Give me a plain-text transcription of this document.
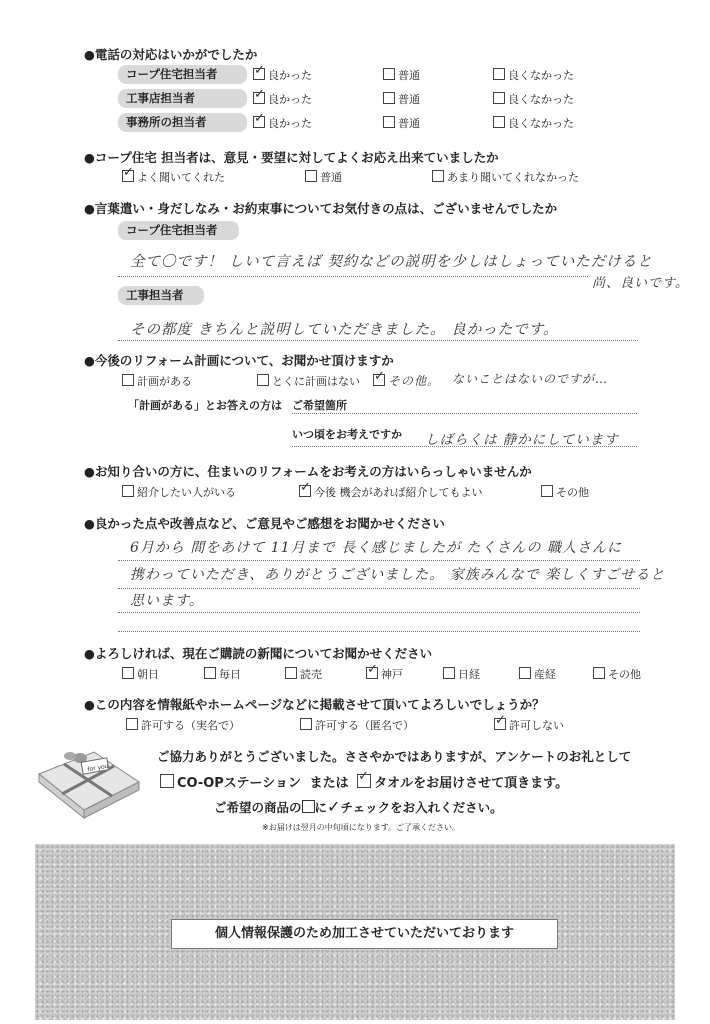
●電話の対応はいかがでしたか
コープ住宅担当者 ✓	良かった	普通	良くなかった
工事店担当者 ✓	良かった	普通	良くなかった
事務所の担当者 ✓	良かった	普通	良くなかった
●コープ住宅 担当者は、意見・要望に対してよくお応え出来ていましたか
✓よく聞いてくれた	普通	あまり聞いてくれなかった
●言葉遣い・身だしなみ・お約束事についてお気付きの点は、ございませんでしたか
コープ住宅担当者
全て〇です！ しいて言えば 契約などの説明を少しはしょっていただけると
尚、良いです。
工事担当者
その都度 きちんと説明していただきました。 良かったです。
●今後のリフォーム計画について、お聞かせ頂けますか
計画がある	とくに計画はない ✓	その他。 ないことはないのですが…
「計画がある」とお答えの方は ご希望箇所
いつ頃をお考えですか しばらくは 静かにしています
●お知り合いの方に、住まいのリフォームをお考えの方はいらっしゃいませんか
紹介したい人がいる ✓	今後 機会があれば紹介してもよい	その他
●良かった点や改善点など、ご意見やご感想をお聞かせください
6月から 間をあけて 11月まで 長く感じましたが たくさんの 職人さんに
携わっていただき、ありがとうございました。 家族みんなで 楽しくすごせると
思います。
●よろしければ、現在ご購読の新聞についてお聞かせください
朝日	毎日	読売 ✓	神戸	日経	産経	その他
●この内容を情報紙やホームページなどに掲載させて頂いてよろしいでしょうか？
許可する（実名で）	許可する（匿名で） ✓	許可しない
for you
ご協力ありがとうございました。ささやかではありますが、アンケートのお礼として
CO-OPステーション または ✓ タオルをお届けさせて頂きます。
ご希望の商品の に✓チェックをお入れください。
※お届けは翌月の中旬頃になります。ご了承ください。
個人情報保護のため加工させていただいております
